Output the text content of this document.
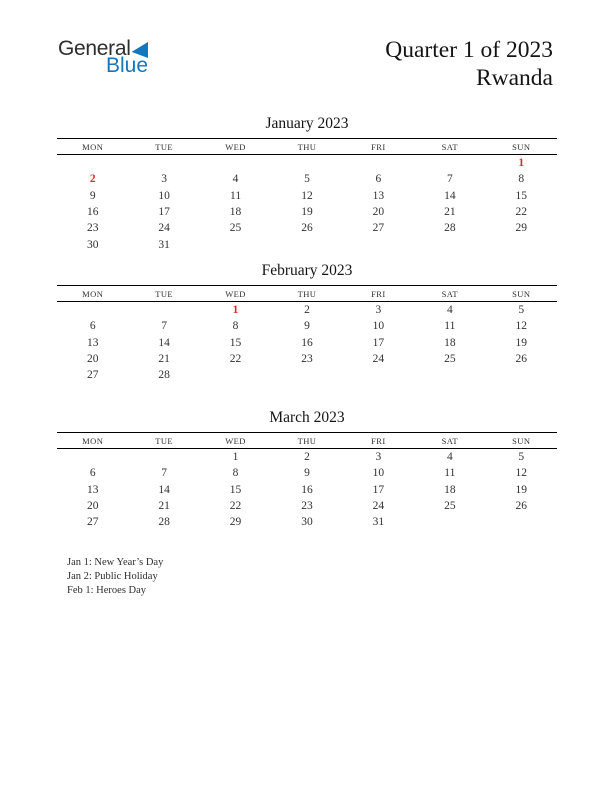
General
Blue
Quarter 1 of 2023
Rwanda
January 2023
MON	TUE	WED	THU	FRI	SAT	SUN
						1
2	3	4	5	6	7	8
9	10	11	12	13	14	15
16	17	18	19	20	21	22
23	24	25	26	27	28	29
30	31					
February 2023
MON	TUE	WED	THU	FRI	SAT	SUN
		1	2	3	4	5
6	7	8	9	10	11	12
13	14	15	16	17	18	19
20	21	22	23	24	25	26
27	28					
March 2023
MON	TUE	WED	THU	FRI	SAT	SUN
		1	2	3	4	5
6	7	8	9	10	11	12
13	14	15	16	17	18	19
20	21	22	23	24	25	26
27	28	29	30	31		
Jan 1: New Year’s Day
Jan 2: Public Holiday
Feb 1: Heroes Day
